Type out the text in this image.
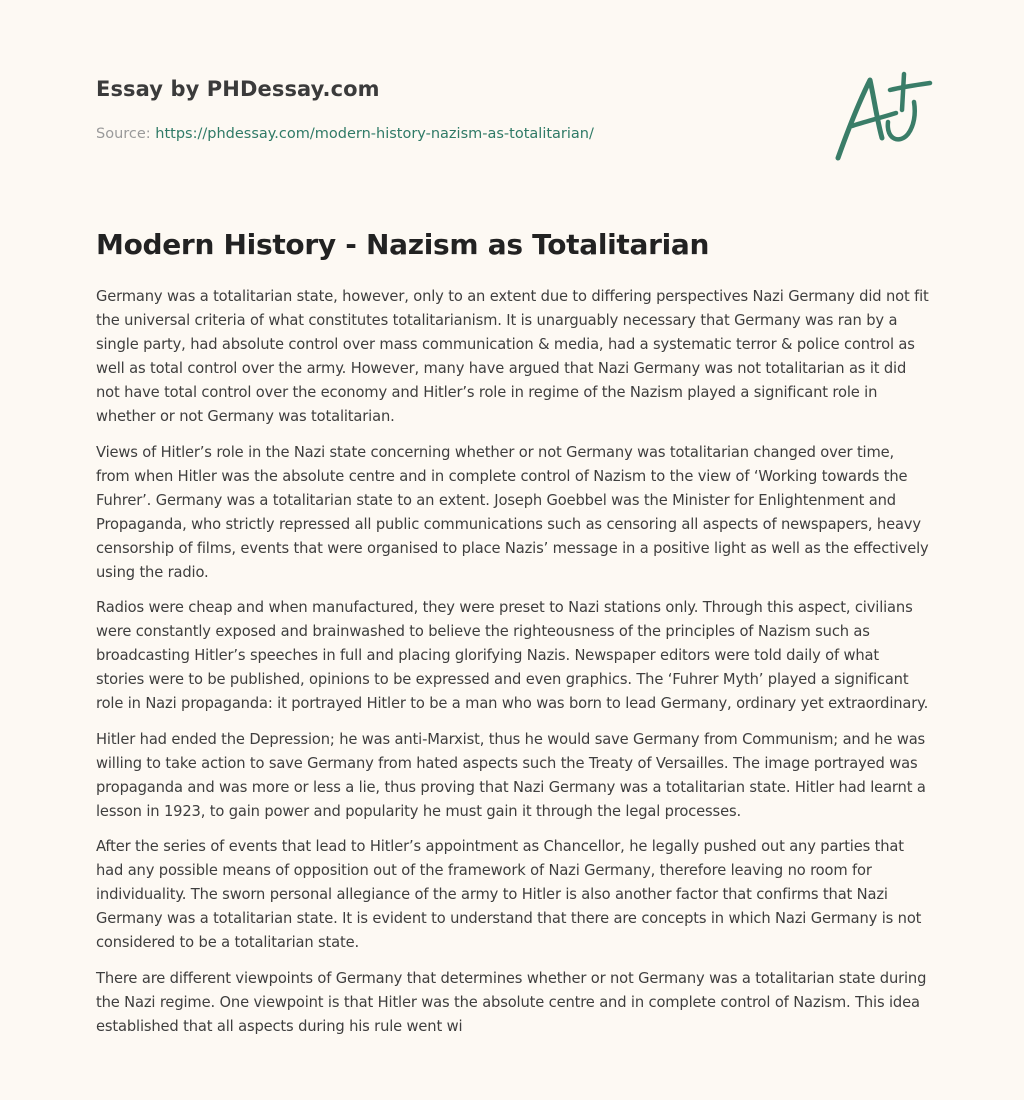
Essay by PHDessay.com
Source: https://phdessay.com/modern-history-nazism-as-totalitarian/
Modern History - Nazism as Totalitarian

Germany was a totalitarian state, however, only to an extent due to differing perspectives Nazi Germany did not fit the universal criteria of what constitutes totalitarianism. It is unarguably necessary that Germany was ran by a single party, had absolute control over mass communication & media, had a systematic terror & police control as well as total control over the army. However, many have argued that Nazi Germany was not totalitarian as it did not have total control over the economy and Hitler’s role in regime of the Nazism played a significant role in whether or not Germany was totalitarian.

Views of Hitler’s role in the Nazi state concerning whether or not Germany was totalitarian changed over time, from when Hitler was the absolute centre and in complete control of Nazism to the view of ‘Working towards the Fuhrer’. Germany was a totalitarian state to an extent. Joseph Goebbel was the Minister for Enlightenment and Propaganda, who strictly repressed all public communications such as censoring all aspects of newspapers, heavy censorship of films, events that were organised to place Nazis’ message in a positive light as well as the effectively using the radio.

Radios were cheap and when manufactured, they were preset to Nazi stations only. Through this aspect, civilians were constantly exposed and brainwashed to believe the righteousness of the principles of Nazism such as broadcasting Hitler’s speeches in full and placing glorifying Nazis. Newspaper editors were told daily of what stories were to be published, opinions to be expressed and even graphics. The ‘Fuhrer Myth’ played a significant role in Nazi propaganda: it portrayed Hitler to be a man who was born to lead Germany, ordinary yet extraordinary.

Hitler had ended the Depression; he was anti-Marxist, thus he would save Germany from Communism; and he was willing to take action to save Germany from hated aspects such the Treaty of Versailles. The image portrayed was propaganda and was more or less a lie, thus proving that Nazi Germany was a totalitarian state. Hitler had learnt a lesson in 1923, to gain power and popularity he must gain it through the legal processes.

After the series of events that lead to Hitler’s appointment as Chancellor, he legally pushed out any parties that had any possible means of opposition out of the framework of Nazi Germany, therefore leaving no room for individuality. The sworn personal allegiance of the army to Hitler is also another factor that confirms that Nazi Germany was a totalitarian state. It is evident to understand that there are concepts in which Nazi Germany is not considered to be a totalitarian state.

There are different viewpoints of Germany that determines whether or not Germany was a totalitarian state during the Nazi regime. One viewpoint is that Hitler was the absolute centre and in complete control of Nazism. This idea established that all aspects during his rule went wi
